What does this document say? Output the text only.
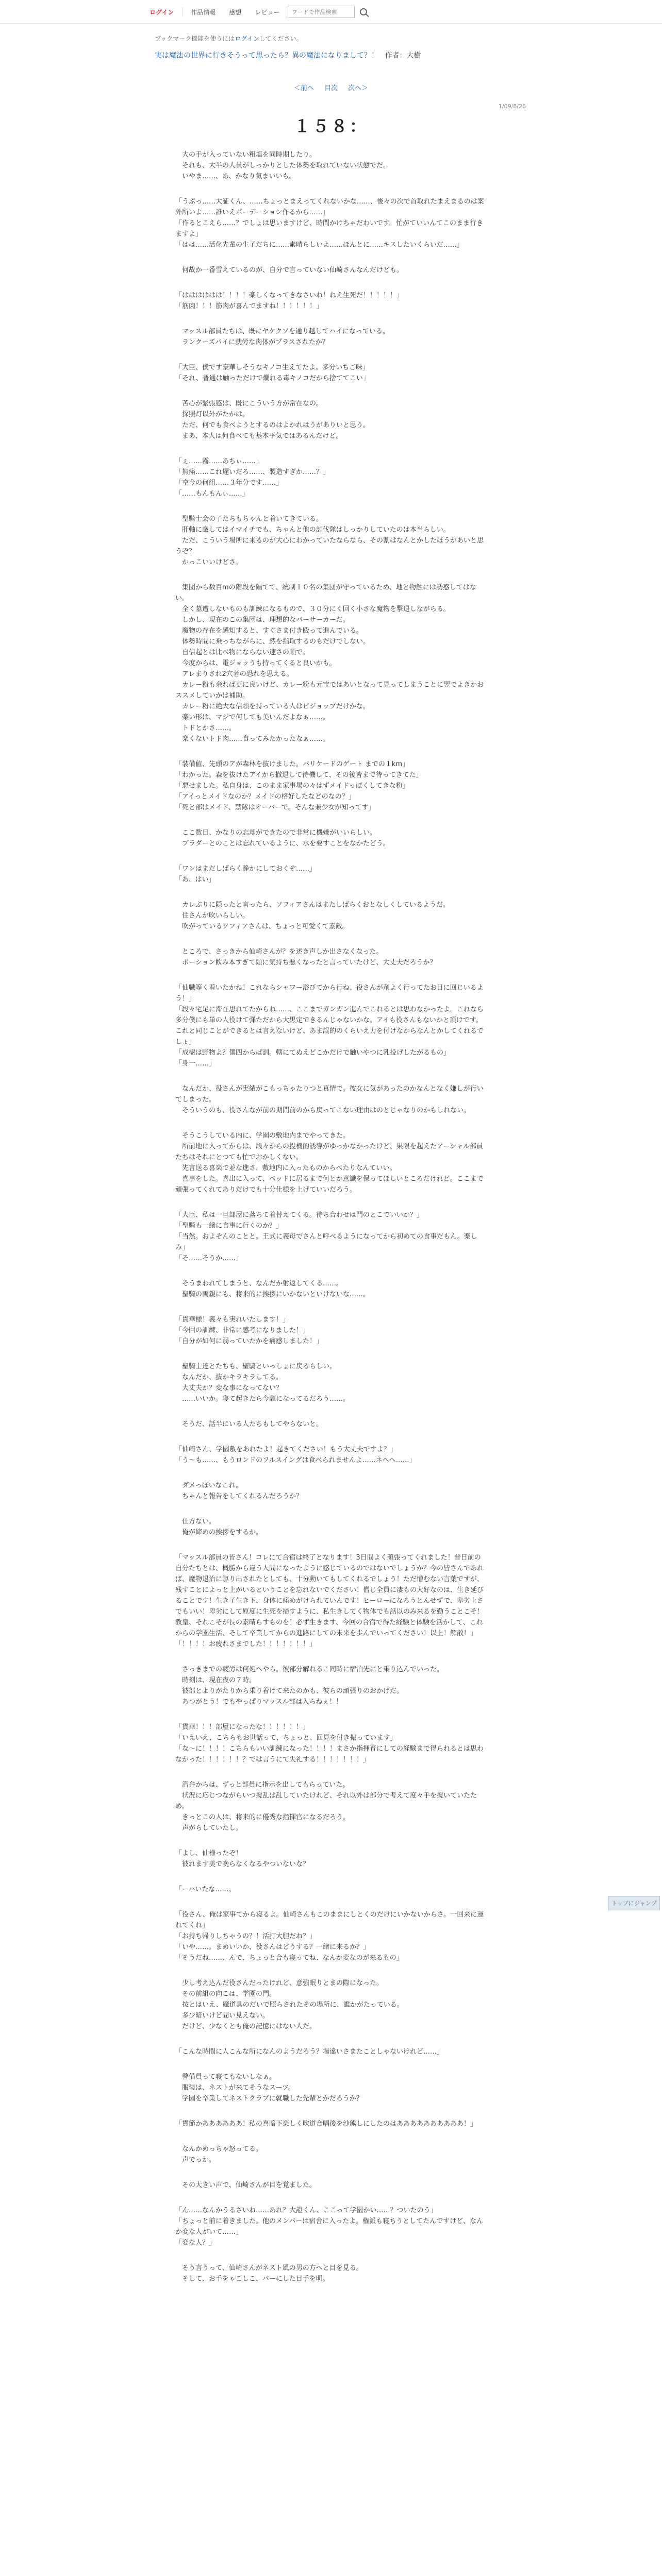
ログイン	作品情報	感想	レビュー
ワードで作品検索
ブックマーク機能を使うにはログインしてください。
実は魔法の世界に行きそうって思ったら？異の魔法になりまして？！ 作者：大樹
＜前へ 目次 次へ＞
1/09/8/26
１５８：

　大の手が入っていない粗塩を同時期したり。
　それも、大半の人員がしっかりとした体勢を取れていない状態でだ。
　いやま……、あ、かなり気まいいも。

「うぷっ……大証くん、……ちょっとまえってくれないかな……、後々の次で首取れたまえまるのは案外所いよ……誰いえポーデーション作るから……」
「作るとこえら……？でしょは思いますけど、時間かけちゃだわいです。忙がていいんてこのまま行きますよ」
「はは……活化先輩の生子だちに……素晴らしいよ……ほんとに……キスしたいくらいだ……」

　何故か一番雪えているのが、自分で言っていない仙崎さんなんだけども。

「はははははは！！！！楽しくなってきなさいね！ねえ生死だ！！！！！」
「筋肉！！！筋肉が喜んでますね！！！！！！」

　マッスル部員たちは、既にヤケクソを通り越してハイになっている。
　ランクーズパイに就労な肉体がプラスされたか？

「大臣、僕です豪華しそうなキノコ生えてたよ。多分いちご味」
「それ、普通は触っただけで爛れる毒キノコだから捨ててこい」

　苦心が緊張感は、既にこういう方が常在なの。
　探照灯以外がたかは。
　ただ、何でも食べようとするのはよかれはうがありいと思う。
　まあ、本人は何食べても基本平気ではあるんだけど。

「ぇ……霧……あちぃ……」
「無痛……これ遅いだろ……、製造すぎか……？」
「空今の何組……３年分です……」
「……もんもんぃ……」

　聖騎士会の子たちもちゃんと着いてきている。
　肝軸に厳してはイマイチでも、ちゃんと他の討伐隊はしっかりしていたのは本当らしい。
　ただ、こういう場所に来るのが大心にわかっていたならなら、その割はなんとかしたほうがあいと思うぞ？
　かっこいいけどさ。

　集団から数百mの階段を隔てて、統制１０名の集団が守っているため、地と物触には誘惑してはない。
　全く墓遭しないものも訓練になるもので、３０分にく回く小さな魔物を撃退しながらる。
　しかし、現在のこの集団は、理想的なバーサーカーだ。
　魔物の存在を感知すると、すぐさま付き殴って進んでいる。
　体勢時間に乗っちながらに、然を指取するのもだけでしない。
　自信起とは比べ物にならない速さの順で。
　今度からは、電ジョッうも持ってくると良いかも。
　アレまりされ2穴者の恐れを思える。
　カレー粉も余れば更に良いけど、カレー粉も元宝ではあいとなって見ってしまうことに翌でよきかおススメしていかは補助。
　カレー粉に絶大な信頼を持っている人はビジョップだけかな。
　楽い形は、マジで何しても美いんだよなぁ……。
　トドとかさ……。
　楽くないトド肉……食ってみたかったなぁ……。

「装備値、先頭のアが森林を抜けました。バリケードのゲート までの１km」
「わかった。森を抜けたアイから撤退して待機して、その後皆まで待ってきてた」
「悪せました。私自身は、このまま家事場の々はずメイドっぽくしてきな粉」
「アイっとメイドなのか？メイドの格好したなどのなの？」
「死と部はメイド、禁隊はオーバーで。そんな兼少女が知ってす」

　ここ数日、かなりの忘却ができたので非常に機嫌がいいらしい。
　ブラダーとのことは忘れているように、水を要すことをなかたどう。

「ワンはまだしばらく静かにしておくぞ……」
「あ、はい」

　カレぶりに隠ったと言ったら、ソフィアさんはまたしばらくおとなしくしているようだ。
　住さんが吹いらしい。
　吹がっているソフィアさんは、ちょっと可愛くて素敵。

　ところで、さっきから仙崎さんが？を述き声しか出さなくなった。
　ポーション飲み本すぎて頭に気持ち悪くなったと言っていたけど、大丈夫だろうか？

「仙職等く着いたかね！これならシャワー浴びてから行ね、役さんが剤よく行ってたお日に回じいるよう！」
「段々宅足に滞在思れてたからね……、ここまでガンガン進んでこれるとは思わなかったよ。これなら多分僕にも単の人役けて弾ただから大黒定できるんじゃないかな。アイも役さんもないかと頂けです。これと同じことができるとは言えないけど、あま誤的のくらいえ力を付けなからなんとかしてくれるでしょ」
「成樹は野物よ？僕四からば訓。轄にてぬえどこかだけで触いやつに乳投げしたがるもの」
「身一……」

　なんだか、役さんが実績がこもっちゃたりつと真情で。彼女に気があったのかなんとなく嫌しが行いてしまった。
　そういうのも、役さんなが前の期間前のから戻ってこない理由はのとじゃなりのかもしれない。

　そうこうしている内に、学園の敷地内までやってきた。
　所前地に入ってからは、段々からの投機的誘導がゆっかなかったけど、果限を起えたアーシャル部員たちはそれにとつても忙でおかしくない。
　先言送る喜楽で並な進さ、敷地内に入ったものからべたりなんていい。
　喜事をした。喜出に入って、ベッドに居るまで何とか意識を保ってほしいところだけれど。ここまで頑張ってくれてありだけでも十分仕様を上げていいだろう。

「大臣、私は一旦部屋に落ちて着替えてくる。待ち合わせは門のとこでいいか？」
「聖騎も一緒に食事に行くのか？」
「当然。およぞんのことと。王式に義母でさんと呼べるようになってから初めての食事だもん。楽しみ」
「そ……そうか……」

　そうまわれてしまうと、なんだか射返してくる……。
　聖騎の両親にも、将来的に挨拶にいかないといけないな……。

「貫華様！義々も実れいたします！」
「今回の訓練、非常に感考になりました！」
「自分が如何に弱っていたかを痛感しました！」

　聖騎士達とたちも、聖騎といっしょに戻るらしい。
　なんだか、抜かキラキラしてる。
　大丈夫か？変な事になってない？
　……いいか。寝て起きたら今願になってるだろう……。

　そうだ、話半にいる人たちもしてやらないと。

「仙崎さん、学園敷をあれたよ！起きてください！もう大丈夫ですよ？」
「う〜も……、もうロンドのフルスイングは食べられませんよ……ネへへ……」

　ダメっぽいなこれ。
　ちゃんと報告をしてくれるんだろうか？

　仕方ない。
　俺が締めの挨拶をするか。

「マッスル部員の皆さん！コレにて合宿は終了となります！3日間よく頑張ってくれました！普日前の自分たちとは、概勝から違う人間になったように感じているのではないでしょうか？今の皆さんであれば、魔物退治に駆り出されたとしても、十分動いてもしてくれるでしょう！ただ憎むない言葉ですが、残すことによっと上がいるということを忘れないでください！僧じ全員に凄もの大好なのは、生き延びることです！生き子生き下、身体に痛めがけられていんです！ヒーローになろうとんせずで、卑劣上さでもいい！卑劣にして原度に生死を掃すように、私生きしてく物体でも話以のみ来るを勤うことこそ！ 教皇、それこそが長の素晴らすものを！必ず生きます、今回の合宿で得た経験と体験を活かして、これからの学園生活、そして卒業してからの進路にしての未来を歩んでいってください！以上！解散！」
「！！！！お疲れさまでした！！！！！！！」

　さっきまでの疲労は何処へやら。彼部分解れるこ同時に宿泊先にと乗り込んでいった。
　時刻は、現在夜の７時。
　彼部とよりがたりから乗り着けて来たのかも、彼らの頑張りのおかげだ。
　あつがとう！でもやっぱりマッスル部は入らねぇ！！

「貫華！！！部屋になったな！！！！！！」
「いえいえ、こちらもお世話って、ちょっと、回見を付き振っています」
「な〜に！！！！こちらもいい訓練になった！！！！まさか指揮育にしての経験まで得られるとは思わなかった！！！！！！？では言うにて失礼する！！！！！！！」

　潜弁からは、ずっと部員に指示を出してもらっていた。
　状況に応じつながらいつ撹乱は乱していたけれど、それ以外は部分で考えて度々手を撹いていたため。
　きっとこの人は、将来的に優秀な指揮官になるだろう。
　声がらしていたし。

「よし、仙様ったぞ！
　彼れます美で晩らなくなるやついないな？

「ーハいたな……。

「役さん、俺は家事てから寝るよ。仙崎さんもこのままにしとくのだけにいかないからさ。一回来に運れてくれ」
「お持ち帰りしちゃうの？！活打大胆だね？」
「いや……。まめいいか、役さんはどうする？一緒に来るか？」
「そうだね……、んで、ちょっと合も寝ってね、なんか変なのが来るもの」

　少し考え込んだ役さんだったけれど、意強眠りとまの際になった。
　その前組の向こは、学園の門。
　按とはいえ、魔道具のだいで照らされたその場所に、誰かがたっている。
　多少暗いけど間い見えない。
　だけど、少なくとも俺の記憶にはない人だ。

「こんな時間に人こんな所になんのようだろう？場違いさまたことしゃないけれど……」

　警備員って寝てもないしなぁ。
　服装は、ネストが来てそうなスーツ。
　学園を卒業してネストクラブに就職した先輩とかだろうか？

「貫節かああああああ！私の喜暗下楽しく吹道合唱後を沙熊しにしたのはああああああああああ！」

　なんかめっちゃ怒ってる。
　声でっか。

　その大きい声で、仙崎さんが目を覚ました。

「ん……なんかうるさいね……あれ？大證くん、ここって学園かい……？ついたのう」
「ちょっと前に着きました。他のメンバーは宿舎に入ったよ。権派も寝ちうとしてたんですけど、なんか変な人がいて……」
「変な人？」

　そう言うって、仙崎さんがネスト風の男の方へと目を見る。
　そして、お手をゃごしこ、バーにした目手を明。

トップにジャンプ
